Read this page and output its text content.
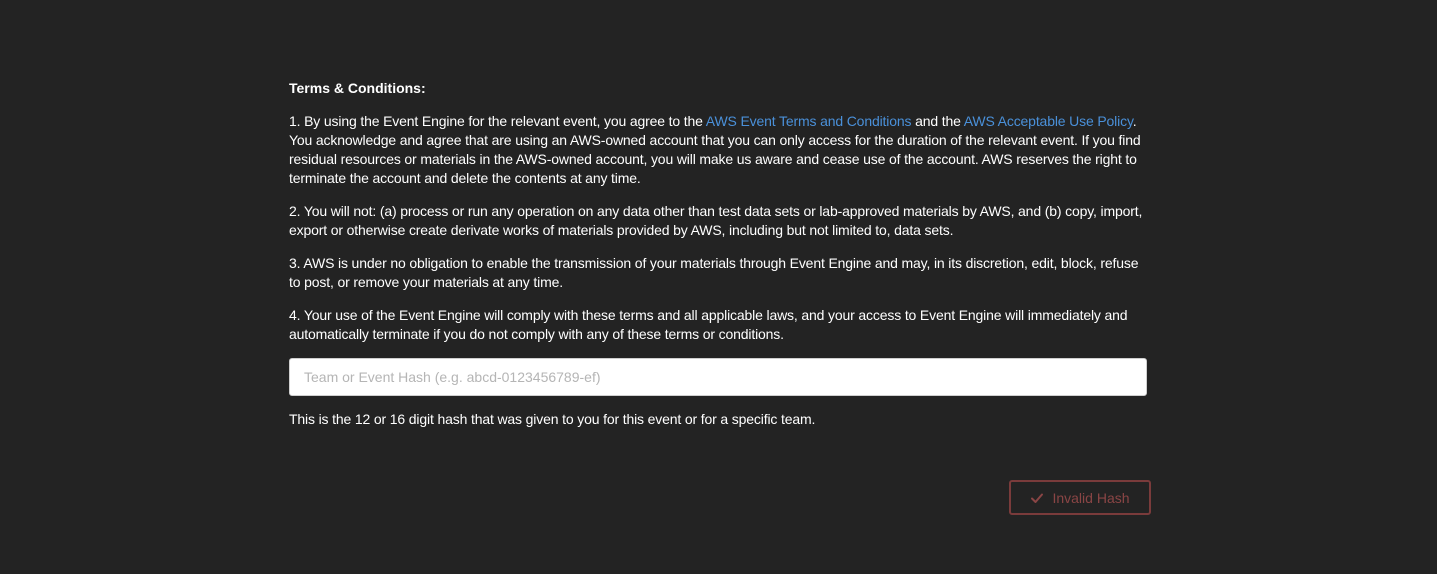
Terms & Conditions:

1. By using the Event Engine for the relevant event, you agree to the AWS Event Terms and Conditions and the AWS Acceptable Use Policy. You acknowledge and agree that are using an AWS-owned account that you can only access for the duration of the relevant event. If you find residual resources or materials in the AWS-owned account, you will make us aware and cease use of the account. AWS reserves the right to terminate the account and delete the contents at any time.

2. You will not: (a) process or run any operation on any data other than test data sets or lab-approved materials by AWS, and (b) copy, import, export or otherwise create derivate works of materials provided by AWS, including but not limited to, data sets.

3. AWS is under no obligation to enable the transmission of your materials through Event Engine and may, in its discretion, edit, block, refuse to post, or remove your materials at any time.

4. Your use of the Event Engine will comply with these terms and all applicable laws, and your access to Event Engine will immediately and automatically terminate if you do not comply with any of these terms or conditions.

Team or Event Hash (e.g. abcd-0123456789-ef)
This is the 12 or 16 digit hash that was given to you for this event or for a specific team.
Invalid Hash
